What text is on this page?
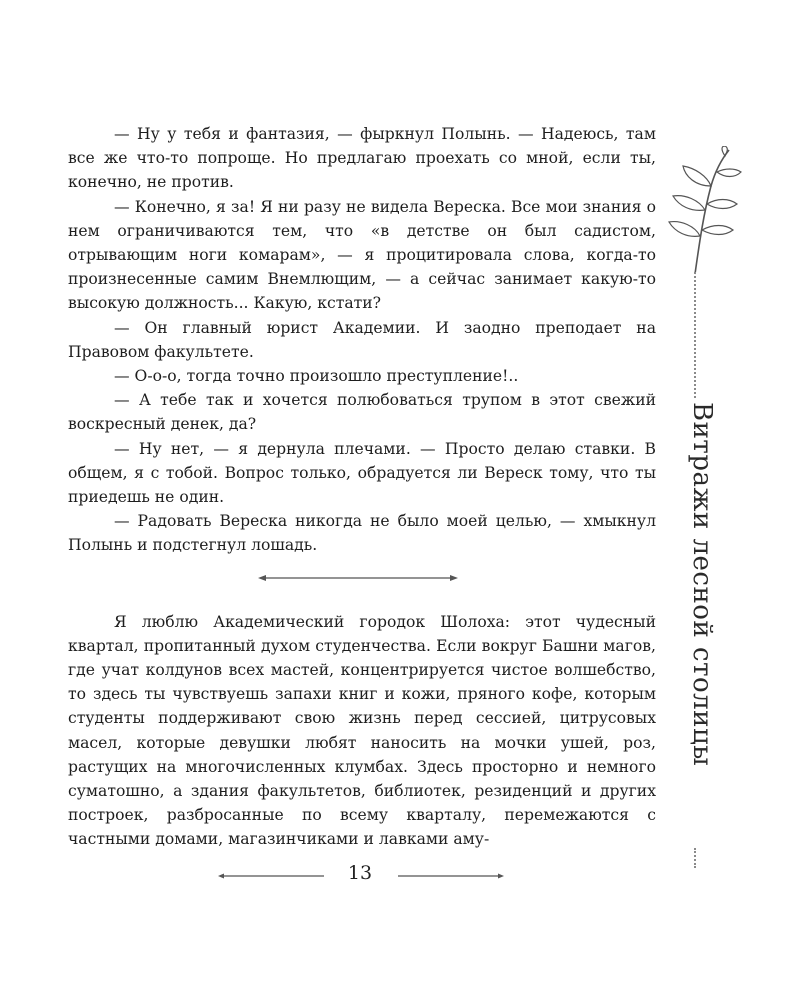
— Ну у тебя и фантазия, — фыркнул Полынь. — Надеюсь, там все же что-то попроще. Но предлагаю проехать со мной, если ты, конечно, не против.

— Конечно, я за! Я ни разу не видела Вереска. Все мои знания о нем ограничиваются тем, что «в детстве он был садистом, отрывающим ноги комарам», — я процитировала слова, когда-то произнесенные самим Внемлющим, — а сейчас занимает какую-то высокую должность... Какую, кстати?

— Он главный юрист Академии. И заодно преподает на Правовом факультете.

— О-о-о, тогда точно произошло преступление!..

— А тебе так и хочется полюбоваться трупом в этот свежий воскресный денек, да?

— Ну нет, — я дернула плечами. — Просто делаю ставки. В общем, я с тобой. Вопрос только, обрадуется ли Вереск тому, что ты приедешь не один.

— Радовать Вереска никогда не было моей целью, — хмыкнул Полынь и подстегнул лошадь.

Я люблю Академический городок Шолоха: этот чудесный квартал, пропитанный духом студенчества. Если вокруг Башни магов, где учат колдунов всех мастей, концентрируется чистое волшебство, то здесь ты чувствуешь запахи книг и кожи, пряного кофе, которым студенты поддерживают свою жизнь перед сессией, цитрусовых масел, которые девушки любят наносить на мочки ушей, роз, растущих на многочисленных клумбах. Здесь просторно и немного суматошно, а здания факультетов, библиотек, резиденций и других построек, разбросанные по всему кварталу, перемежаются с частными домами, магазинчиками и лавками аму-

Витражи лесной столицы
13
